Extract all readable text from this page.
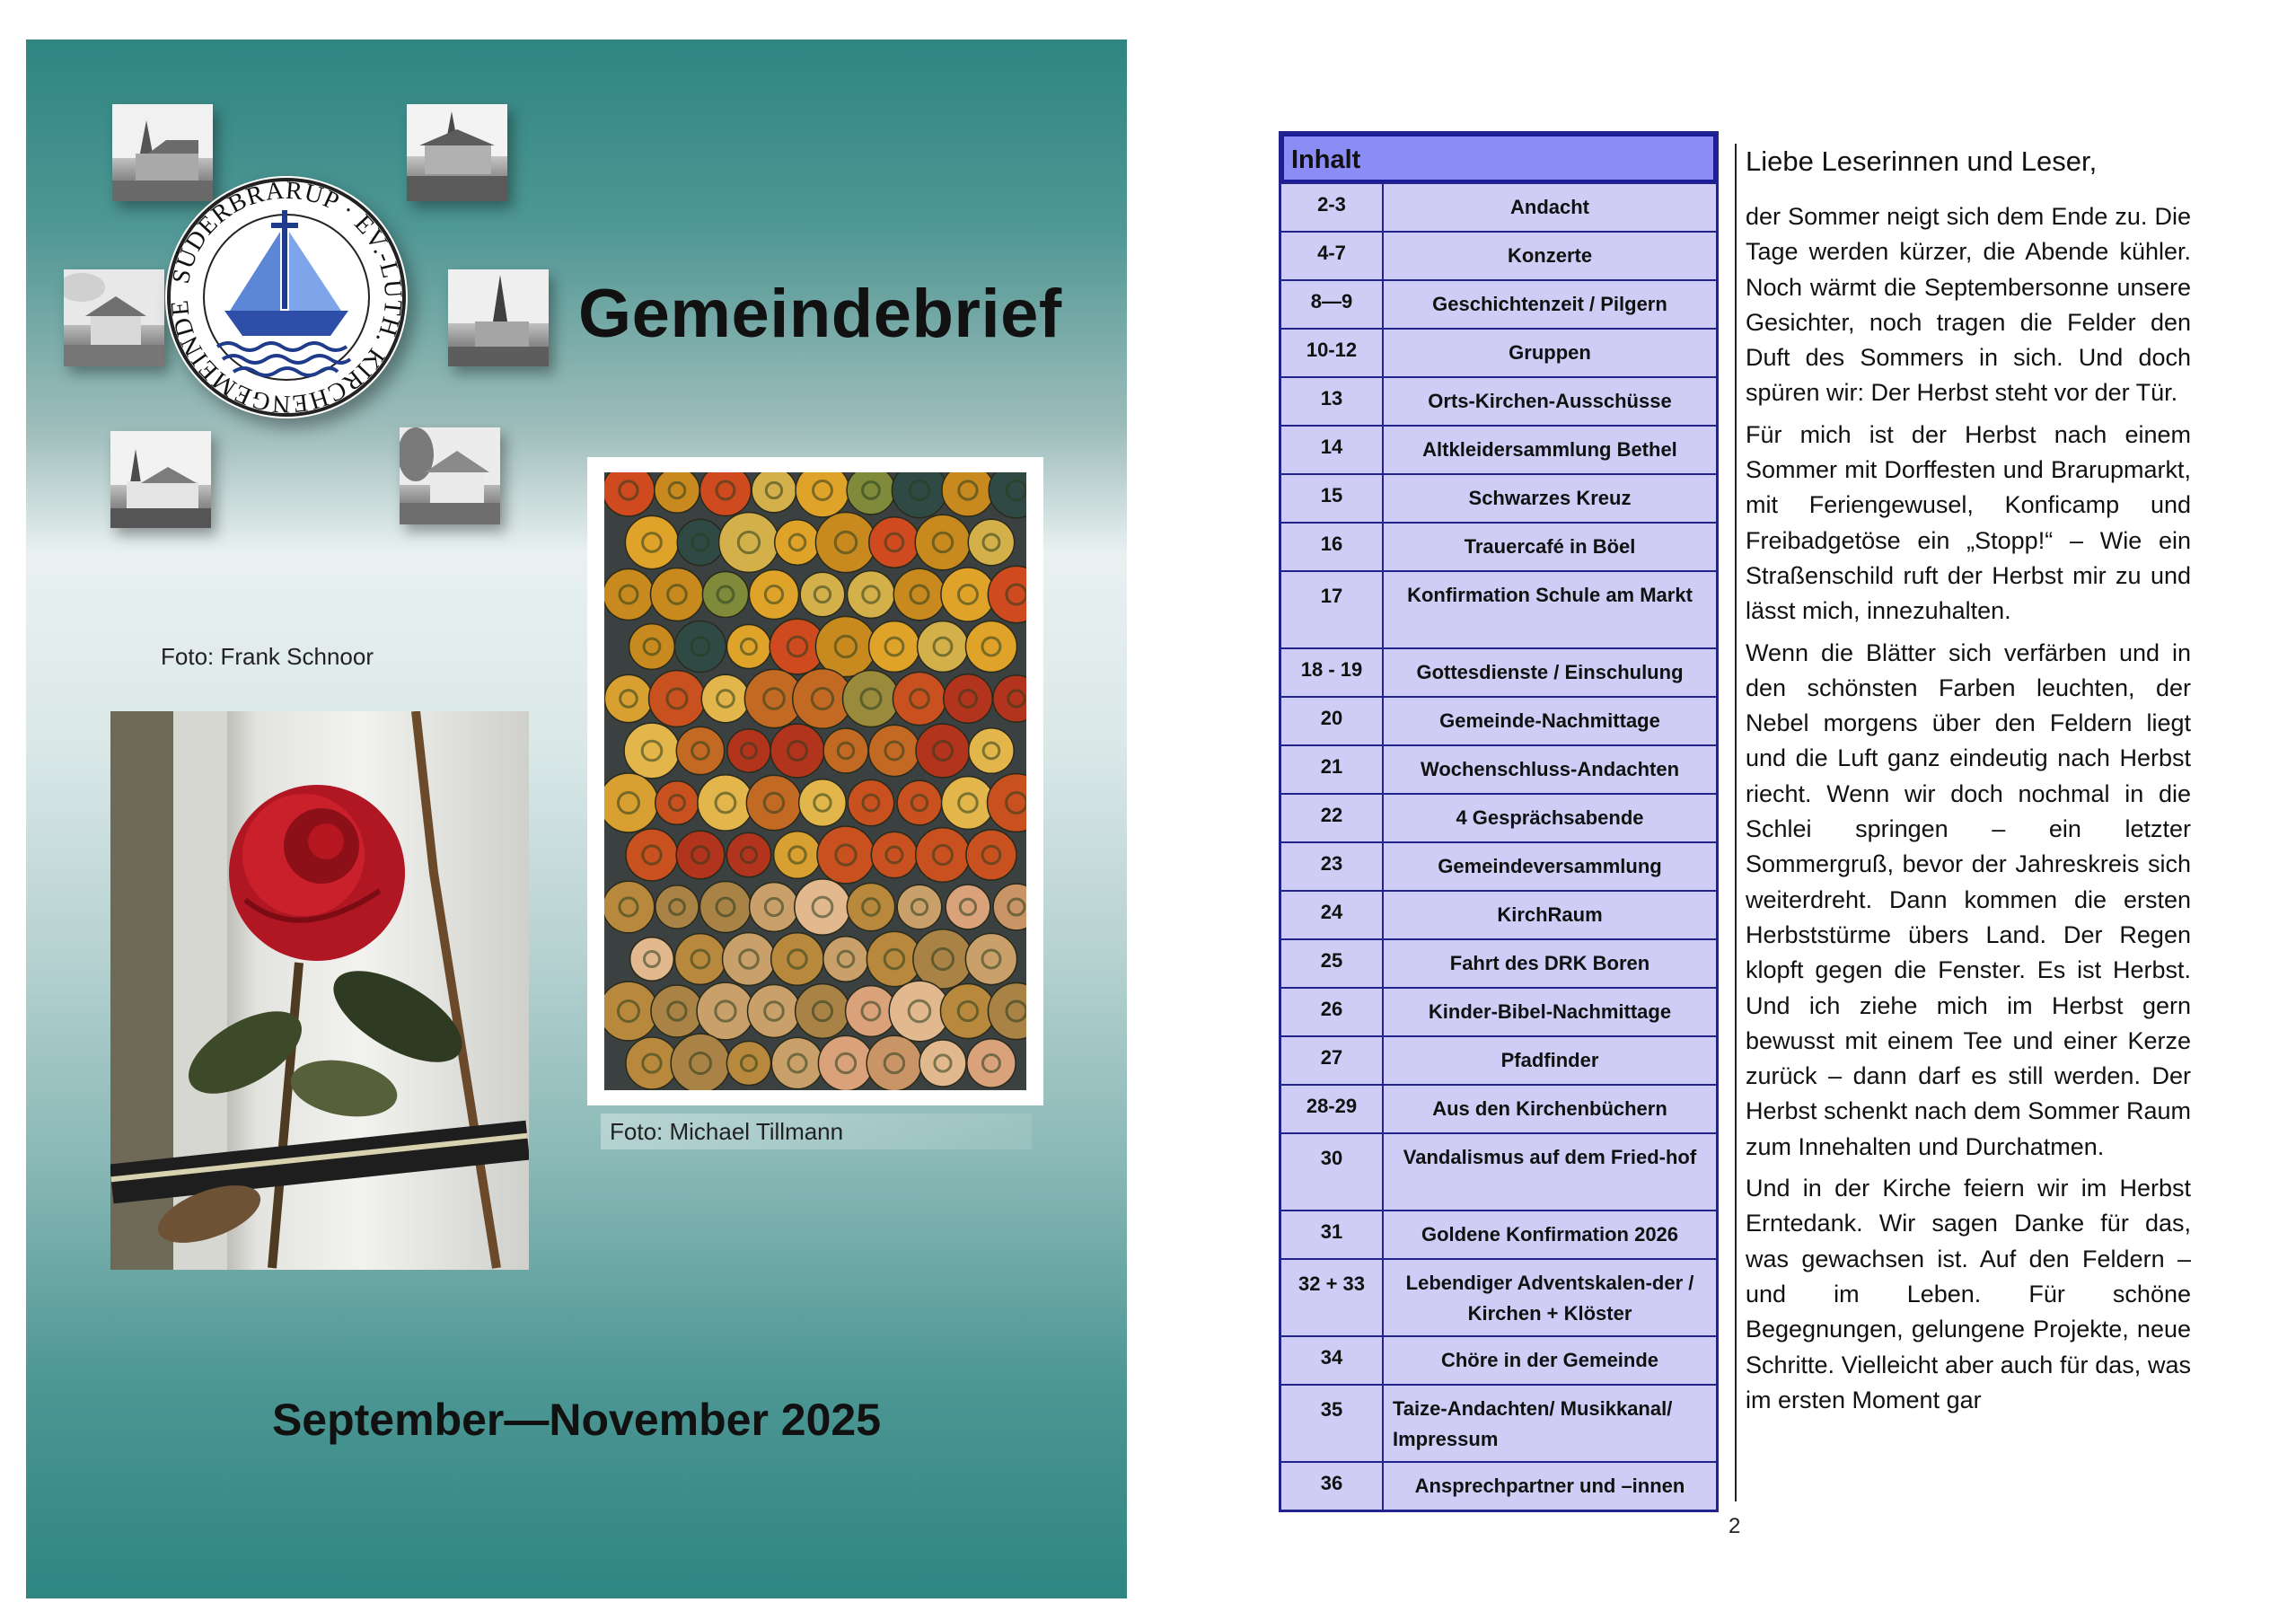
SÜDERBRARUP · EV.-LUTH. KIRCHENGEMEINDE	Gemeindebrief
Foto: Frank Schnoor
Foto: Michael Tillmann
September—November 2025
Inhalt
2-3	Andacht
4-7	Konzerte
8—9	Geschichtenzeit / Pilgern
10-12	Gruppen
13	Orts-Kirchen-Ausschüsse
14	Altkleidersammlung Bethel
15	Schwarzes Kreuz
16	Trauercafé in Böel
17	Konfirmation Schule am Markt
18 - 19	Gottesdienste / Einschulung
20	Gemeinde-Nachmittage
21	Wochenschluss-Andachten
22	4 Gesprächsabende
23	Gemeindeversammlung
24	KirchRaum
25	Fahrt des DRK Boren
26	Kinder-Bibel-Nachmittage
27	Pfadfinder
28-29	Aus den Kirchenbüchern
30	Vandalismus auf dem Fried-hof
31	Goldene Konfirmation 2026
32 + 33	Lebendiger Adventskalen-der / Kirchen + Klöster
34	Chöre in der Gemeinde
35	Taize-Andachten/ Musikkanal/ Impressum
36	Ansprechpartner und –innen

Liebe Leserinnen und Leser,

der Sommer neigt sich dem Ende zu. Die Tage werden kürzer, die Abende kühler. Noch wärmt die Septembersonne unsere Gesichter, noch tragen die Felder den Duft des Sommers in sich. Und doch spüren wir: Der Herbst steht vor der Tür.

Für mich ist der Herbst nach einem Sommer mit Dorffesten und Brarupmarkt, mit Feriengewusel, Konficamp und Freibadgetöse ein „Stopp!“ – Wie ein Straßenschild ruft der Herbst mir zu und lässt mich, innezuhalten.

Wenn die Blätter sich verfärben und in den schönsten Farben leuchten, der Nebel morgens über den Feldern liegt und die Luft ganz eindeutig nach Herbst riecht. Wenn wir doch nochmal in die Schlei springen – ein letzter Sommergruß, bevor der Jahreskreis sich weiterdreht. Dann kommen die ersten Herbststürme übers Land. Der Regen klopft gegen die Fenster. Es ist Herbst. Und ich ziehe mich im Herbst gern bewusst mit einem Tee und einer Kerze zurück – dann darf es still werden. Der Herbst schenkt nach dem Sommer Raum zum Innehalten und Durchatmen.

Und in der Kirche feiern wir im Herbst Erntedank. Wir sagen Danke für das, was gewachsen ist. Auf den Feldern – und im Leben. Für schöne Begegnungen, gelungene Projekte, neue Schritte. Vielleicht aber auch für das, was im ersten Moment gar

2
